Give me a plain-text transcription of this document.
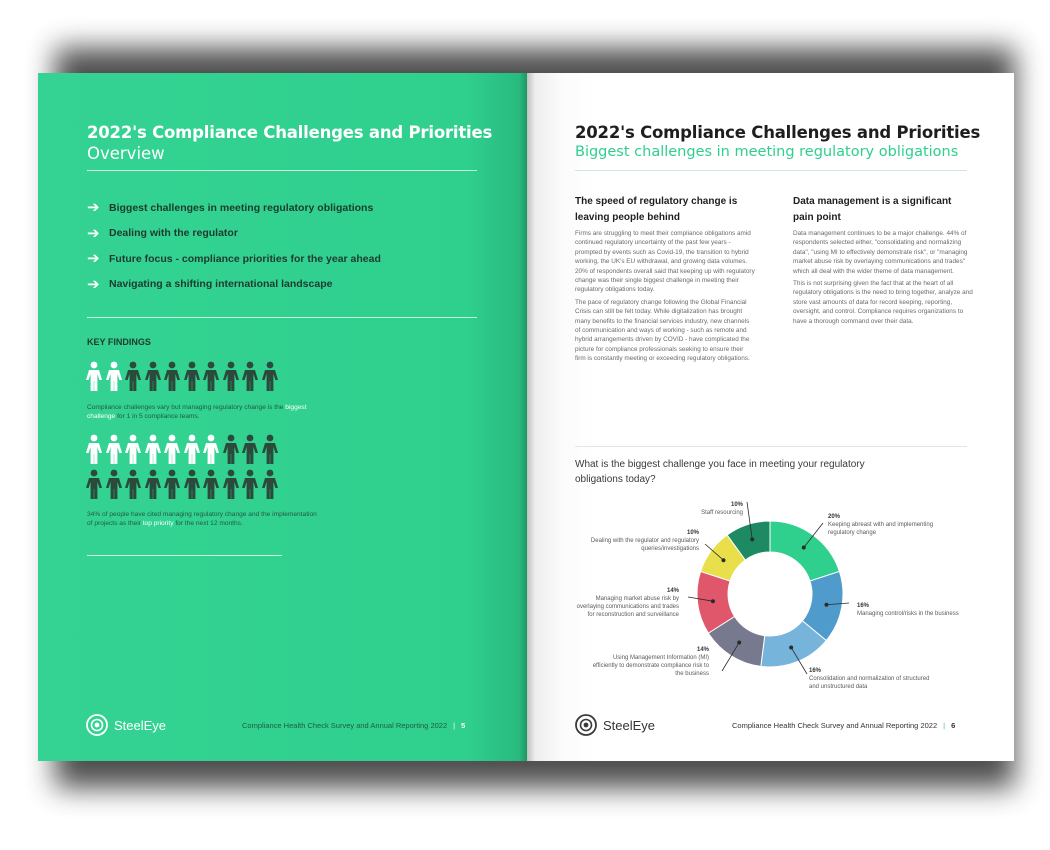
2022's Compliance Challenges and Priorities
Overview
➔ Biggest challenges in meeting regulatory obligations
➔ Dealing with the regulator
➔ Future focus - compliance priorities for the year ahead
➔ Navigating a shifting international landscape
KEY FINDINGS
Compliance challenges vary but managing regulatory change is the biggest challenge for 1 in 5 compliance teams.
34% of people have cited managing regulatory change and the implementation of projects as their top priority for the next 12 months.
SteelEye	Compliance Health Check Survey and Annual Reporting 2022 | 5
2022's Compliance Challenges and Priorities
Biggest challenges in meeting regulatory obligations
The speed of regulatory change is leaving people behind

Firms are struggling to meet their compliance obligations amid continued regulatory uncertainty of the past few years - prompted by events such as Covid-19, the transition to hybrid working, the UK's EU withdrawal, and growing data volumes. 20% of respondents overall said that keeping up with regulatory change was their single biggest challenge in meeting their regulatory obligations today.

The pace of regulatory change following the Global Financial Crisis can still be felt today. While digitalization has brought many benefits to the financial services industry, new channels of communication and ways of working - such as remote and hybrid arrangements driven by COVID - have complicated the picture for compliance professionals seeking to ensure their firm is constantly meeting or exceeding regulatory obligations.

Data management is a significant pain point

Data management continues to be a major challenge. 44% of respondents selected either, "consolidating and normalizing data", "using MI to effectively demonstrate risk", or "managing market abuse risk by overlaying communications and trades" which all deal with the wider theme of data management.

This is not surprising given the fact that at the heart of all regulatory obligations is the need to bring together, analyze and store vast amounts of data for record keeping, reporting, oversight, and control. Compliance requires organizations to have a thorough command over their data.

What is the biggest challenge you face in meeting your regulatory obligations today?
10%
Staff resourcing
20%
Keeping abreast with and implementing regulatory change
10%
Dealing with the regulator and regulatory queries/investigations
16%
Managing control/risks in the business
14%
Managing market abuse risk by overlaying communications and trades for reconstruction and surveillance
14%
Using Management Information (MI) efficiently to demonstrate compliance risk to the business	16%
Consolidation and normalization of structured and unstructured data
SteelEye	Compliance Health Check Survey and Annual Reporting 2022 | 6
